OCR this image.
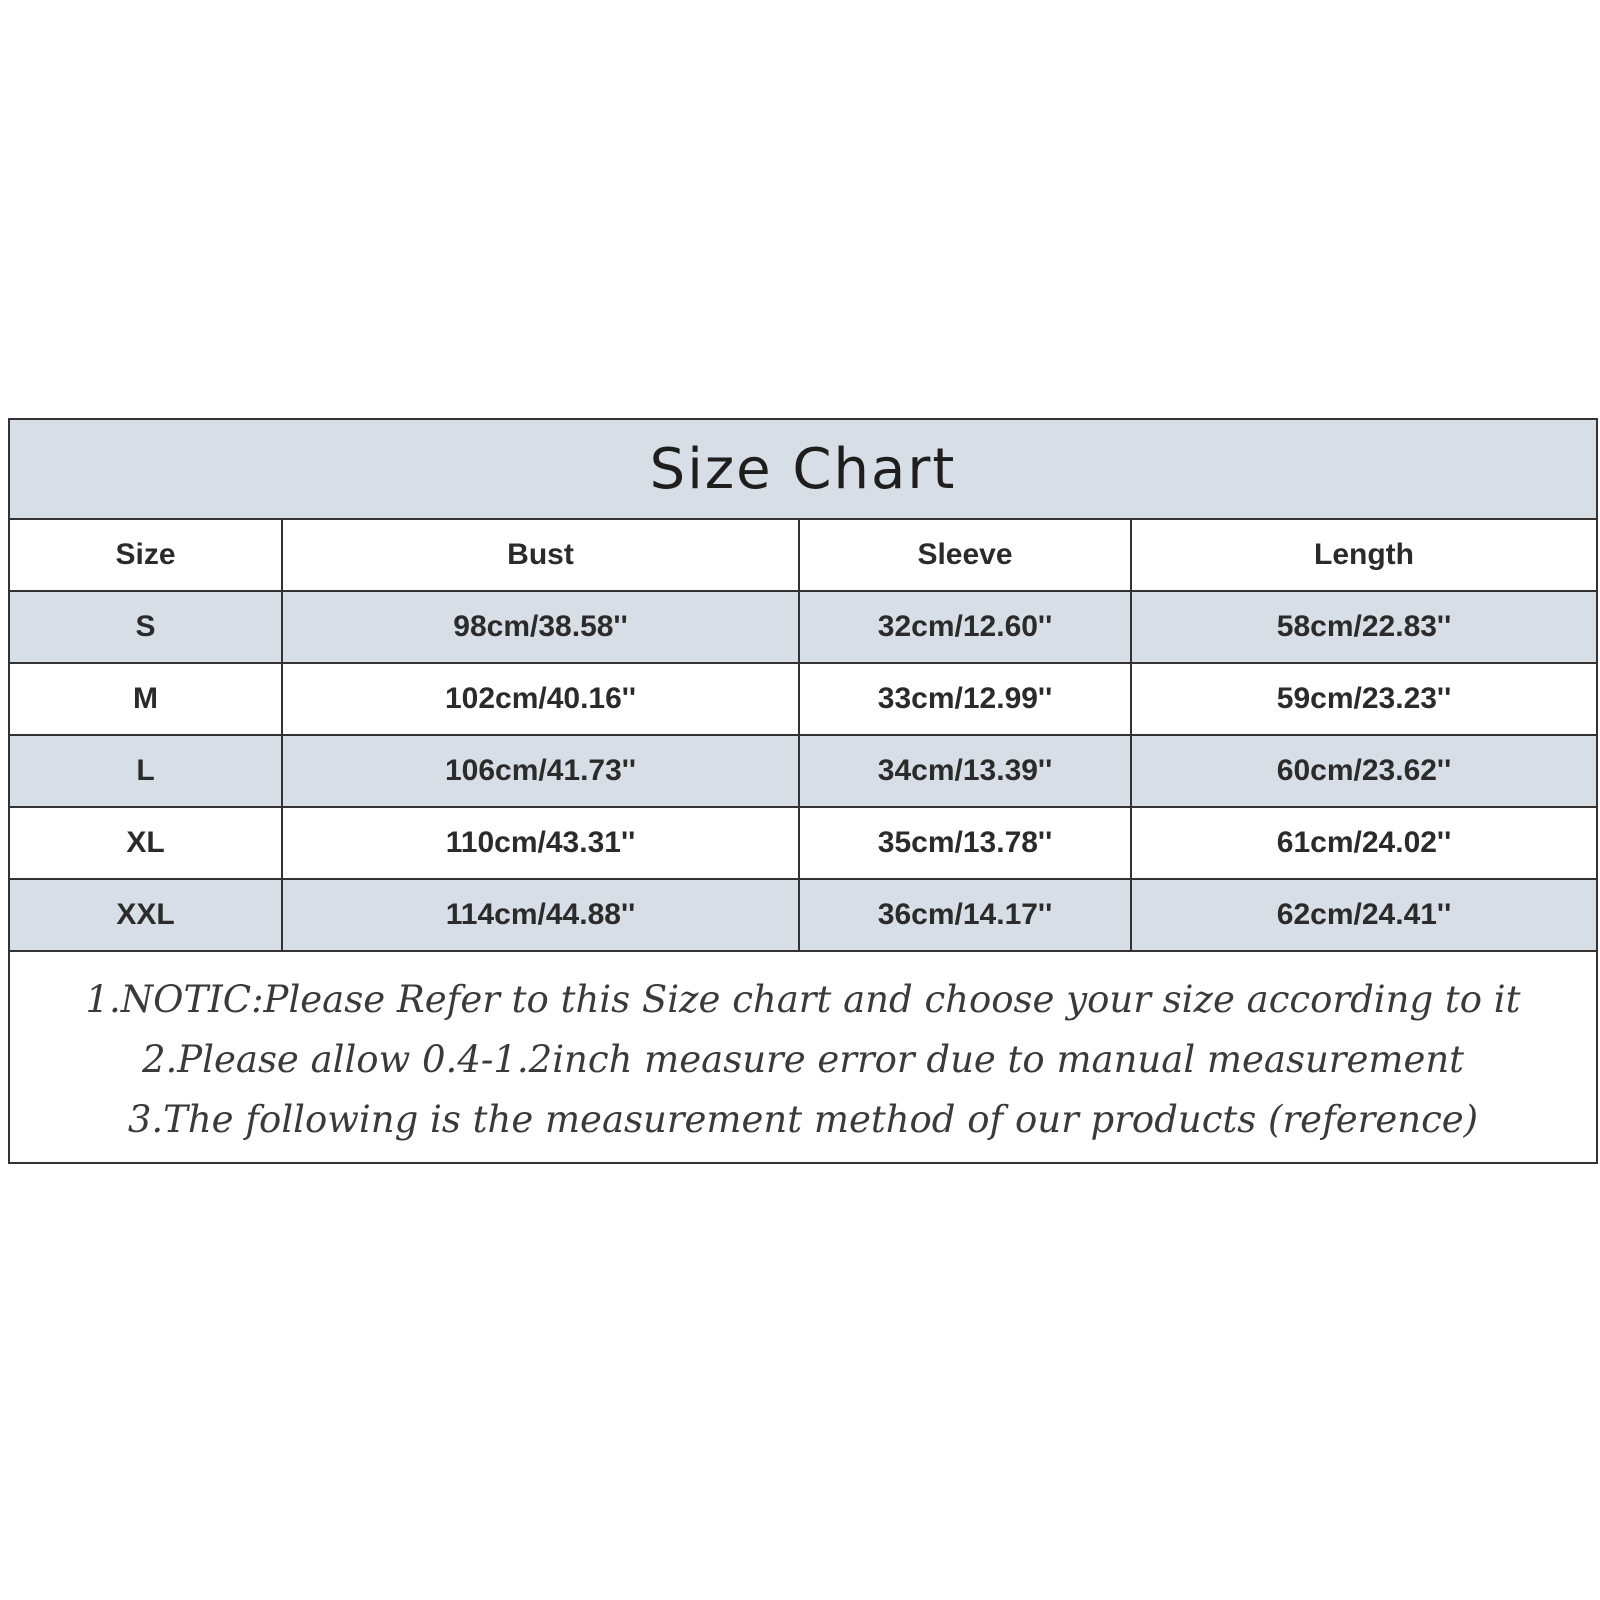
Size Chart
Size	Bust	Sleeve	Length
S	98cm/38.58''	32cm/12.60''	58cm/22.83''
M	102cm/40.16''	33cm/12.99''	59cm/23.23''
L	106cm/41.73''	34cm/13.39''	60cm/23.62''
XL	110cm/43.31''	35cm/13.78''	61cm/24.02''
XXL	114cm/44.88''	36cm/14.17''	62cm/24.41''
1.NOTIC:Please Refer to this Size chart and choose your size according to it
2.Please allow 0.4-1.2inch measure error due to manual measurement
3.The following is the measurement method of our products (reference)
